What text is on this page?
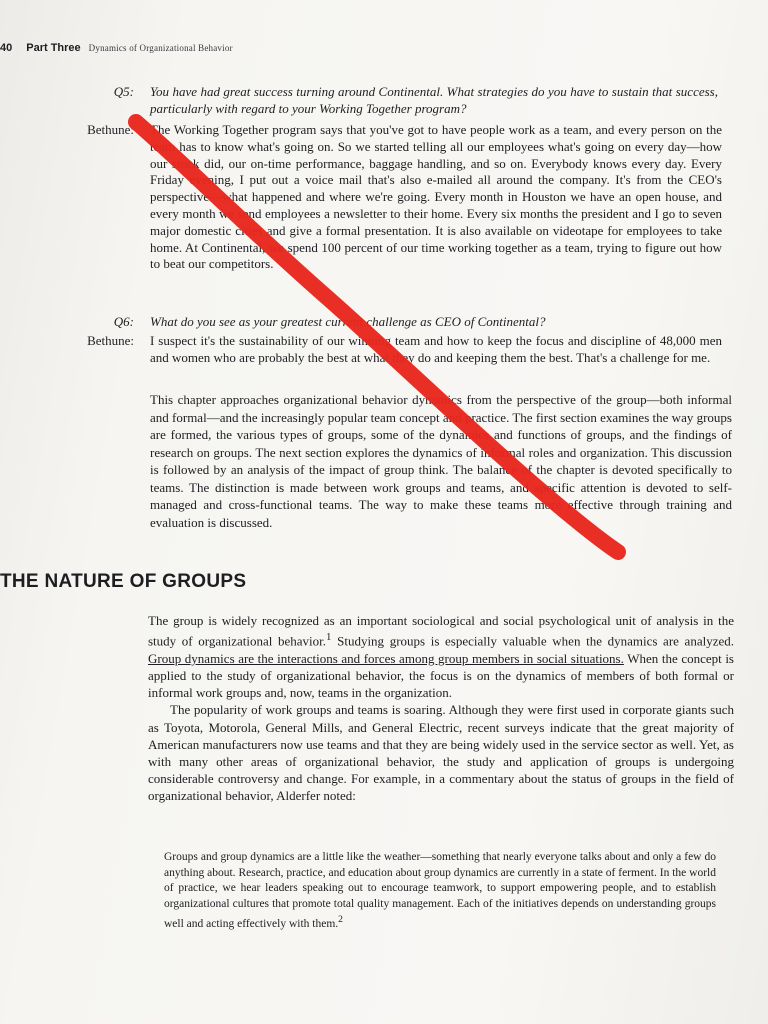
40 Part Three Dynamics of Organizational Behavior
Q5: You have had great success turning around Continental. What strategies do you have to sustain that success, particularly with regard to your Working Together program?
Bethune: The Working Together program says that you've got to have people work as a team, and every person on the team has to know what's going on. So we started telling all our employees what's going on every day—how our stock did, our on-time performance, baggage handling, and so on. Everybody knows every day. Every Friday evening, I put out a voice mail that's also e-mailed all around the company. It's from the CEO's perspective—what happened and where we're going. Every month in Houston we have an open house, and every month we send employees a newsletter to their home. Every six months the president and I go to seven major domestic cities and give a formal presentation. It is also available on videotape for employees to take home. At Continental, we spend 100 percent of our time working together as a team, trying to figure out how to beat our competitors.
Q6: What do you see as your greatest current challenge as CEO of Continental?
Bethune: I suspect it's the sustainability of our winning team and how to keep the focus and discipline of 48,000 men and women who are probably the best at what they do and keeping them the best. That's a challenge for me.
This chapter approaches organizational behavior dynamics from the perspective of the group—both informal and formal—and the increasingly popular team concept and practice. The first section examines the way groups are formed, the various types of groups, some of the dynamics and functions of groups, and the findings of research on groups. The next section explores the dynamics of informal roles and organization. This discussion is followed by an analysis of the impact of group think. The balance of the chapter is devoted specifically to teams. The distinction is made between work groups and teams, and specific attention is devoted to self-managed and cross-functional teams. The way to make these teams more effective through training and evaluation is discussed.
THE NATURE OF GROUPS

The group is widely recognized as an important sociological and social psychological unit of analysis in the study of organizational behavior.$^1$ Studying groups is especially valuable when the dynamics are analyzed. Group dynamics are the interactions and forces among group members in social situations. When the concept is applied to the study of organizational behavior, the focus is on the dynamics of members of both formal or informal work groups and, now, teams in the organization.

The popularity of work groups and teams is soaring. Although they were first used in corporate giants such as Toyota, Motorola, General Mills, and General Electric, recent surveys indicate that the great majority of American manufacturers now use teams and that they are being widely used in the service sector as well. Yet, as with many other areas of organizational behavior, the study and application of groups is undergoing considerable controversy and change. For example, in a commentary about the status of groups in the field of organizational behavior, Alderfer noted:

Groups and group dynamics are a little like the weather—something that nearly everyone talks about and only a few do anything about. Research, practice, and education about group dynamics are currently in a state of ferment. In the world of practice, we hear leaders speaking out to encourage teamwork, to support empowering people, and to establish organizational cultures that promote total quality management. Each of the initiatives depends on understanding groups well and acting effectively with them.$^2$
